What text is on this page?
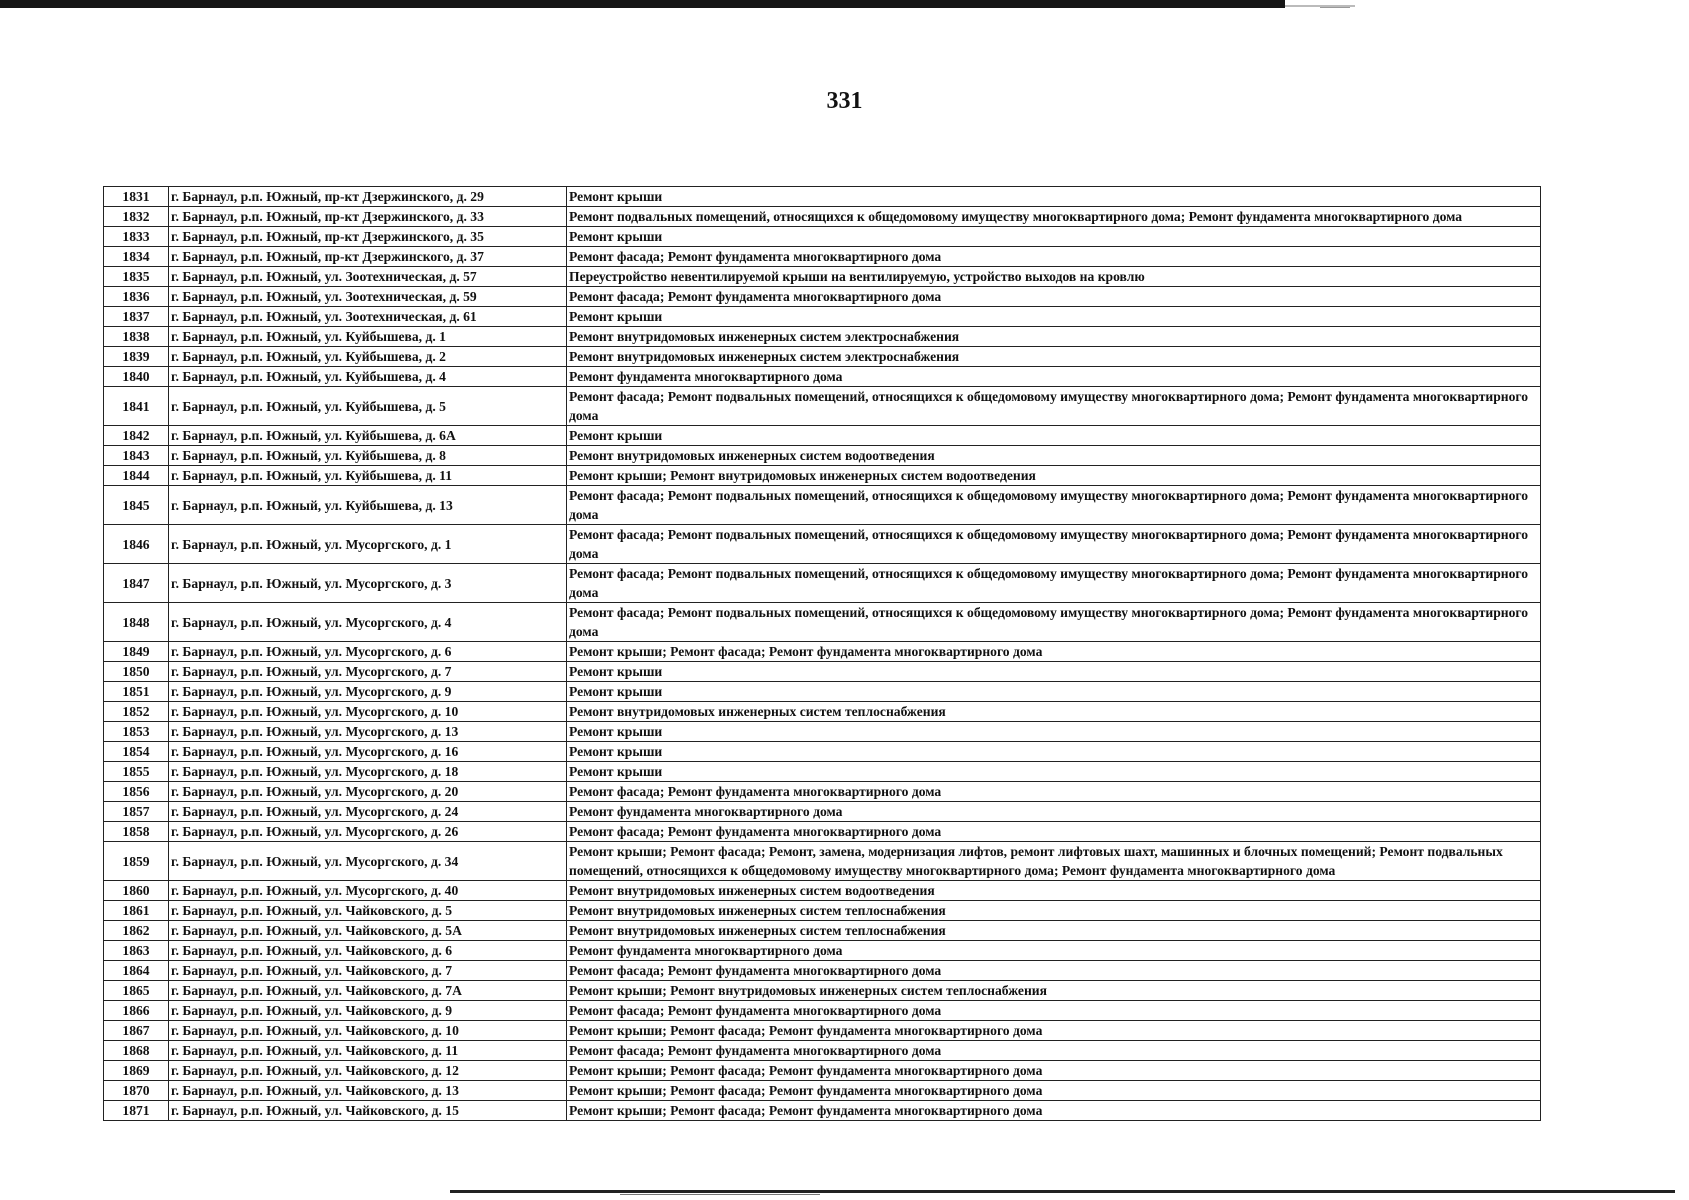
331
1831	г. Барнаул, р.п. Южный, пр-кт Дзержинского, д. 29	Ремонт крыши
1832	г. Барнаул, р.п. Южный, пр-кт Дзержинского, д. 33	Ремонт подвальных помещений, относящихся к общедомовому имуществу многоквартирного дома; Ремонт фундамента многоквартирного дома
1833	г. Барнаул, р.п. Южный, пр-кт Дзержинского, д. 35	Ремонт крыши
1834	г. Барнаул, р.п. Южный, пр-кт Дзержинского, д. 37	Ремонт фасада; Ремонт фундамента многоквартирного дома
1835	г. Барнаул, р.п. Южный, ул. Зоотехническая, д. 57	Переустройство невентилируемой крыши на вентилируемую, устройство выходов на кровлю
1836	г. Барнаул, р.п. Южный, ул. Зоотехническая, д. 59	Ремонт фасада; Ремонт фундамента многоквартирного дома
1837	г. Барнаул, р.п. Южный, ул. Зоотехническая, д. 61	Ремонт крыши
1838	г. Барнаул, р.п. Южный, ул. Куйбышева, д. 1	Ремонт внутридомовых инженерных систем электроснабжения
1839	г. Барнаул, р.п. Южный, ул. Куйбышева, д. 2	Ремонт внутридомовых инженерных систем электроснабжения
1840	г. Барнаул, р.п. Южный, ул. Куйбышева, д. 4	Ремонт фундамента многоквартирного дома
1841	г. Барнаул, р.п. Южный, ул. Куйбышева, д. 5	Ремонт фасада; Ремонт подвальных помещений, относящихся к общедомовому имуществу многоквартирного дома; Ремонт фундамента многоквартирного дома
1842	г. Барнаул, р.п. Южный, ул. Куйбышева, д. 6А	Ремонт крыши
1843	г. Барнаул, р.п. Южный, ул. Куйбышева, д. 8	Ремонт внутридомовых инженерных систем водоотведения
1844	г. Барнаул, р.п. Южный, ул. Куйбышева, д. 11	Ремонт крыши; Ремонт внутридомовых инженерных систем водоотведения
1845	г. Барнаул, р.п. Южный, ул. Куйбышева, д. 13	Ремонт фасада; Ремонт подвальных помещений, относящихся к общедомовому имуществу многоквартирного дома; Ремонт фундамента многоквартирного дома
1846	г. Барнаул, р.п. Южный, ул. Мусоргского, д. 1	Ремонт фасада; Ремонт подвальных помещений, относящихся к общедомовому имуществу многоквартирного дома; Ремонт фундамента многоквартирного дома
1847	г. Барнаул, р.п. Южный, ул. Мусоргского, д. 3	Ремонт фасада; Ремонт подвальных помещений, относящихся к общедомовому имуществу многоквартирного дома; Ремонт фундамента многоквартирного дома
1848	г. Барнаул, р.п. Южный, ул. Мусоргского, д. 4	Ремонт фасада; Ремонт подвальных помещений, относящихся к общедомовому имуществу многоквартирного дома; Ремонт фундамента многоквартирного дома
1849	г. Барнаул, р.п. Южный, ул. Мусоргского, д. 6	Ремонт крыши; Ремонт фасада; Ремонт фундамента многоквартирного дома
1850	г. Барнаул, р.п. Южный, ул. Мусоргского, д. 7	Ремонт крыши
1851	г. Барнаул, р.п. Южный, ул. Мусоргского, д. 9	Ремонт крыши
1852	г. Барнаул, р.п. Южный, ул. Мусоргского, д. 10	Ремонт внутридомовых инженерных систем теплоснабжения
1853	г. Барнаул, р.п. Южный, ул. Мусоргского, д. 13	Ремонт крыши
1854	г. Барнаул, р.п. Южный, ул. Мусоргского, д. 16	Ремонт крыши
1855	г. Барнаул, р.п. Южный, ул. Мусоргского, д. 18	Ремонт крыши
1856	г. Барнаул, р.п. Южный, ул. Мусоргского, д. 20	Ремонт фасада; Ремонт фундамента многоквартирного дома
1857	г. Барнаул, р.п. Южный, ул. Мусоргского, д. 24	Ремонт фундамента многоквартирного дома
1858	г. Барнаул, р.п. Южный, ул. Мусоргского, д. 26	Ремонт фасада; Ремонт фундамента многоквартирного дома
1859	г. Барнаул, р.п. Южный, ул. Мусоргского, д. 34	Ремонт крыши; Ремонт фасада; Ремонт, замена, модернизация лифтов, ремонт лифтовых шахт, машинных и блочных помещений; Ремонт подвальных помещений, относящихся к общедомовому имуществу многоквартирного дома; Ремонт фундамента многоквартирного дома
1860	г. Барнаул, р.п. Южный, ул. Мусоргского, д. 40	Ремонт внутридомовых инженерных систем водоотведения
1861	г. Барнаул, р.п. Южный, ул. Чайковского, д. 5	Ремонт внутридомовых инженерных систем теплоснабжения
1862	г. Барнаул, р.п. Южный, ул. Чайковского, д. 5А	Ремонт внутридомовых инженерных систем теплоснабжения
1863	г. Барнаул, р.п. Южный, ул. Чайковского, д. 6	Ремонт фундамента многоквартирного дома
1864	г. Барнаул, р.п. Южный, ул. Чайковского, д. 7	Ремонт фасада; Ремонт фундамента многоквартирного дома
1865	г. Барнаул, р.п. Южный, ул. Чайковского, д. 7А	Ремонт крыши; Ремонт внутридомовых инженерных систем теплоснабжения
1866	г. Барнаул, р.п. Южный, ул. Чайковского, д. 9	Ремонт фасада; Ремонт фундамента многоквартирного дома
1867	г. Барнаул, р.п. Южный, ул. Чайковского, д. 10	Ремонт крыши; Ремонт фасада; Ремонт фундамента многоквартирного дома
1868	г. Барнаул, р.п. Южный, ул. Чайковского, д. 11	Ремонт фасада; Ремонт фундамента многоквартирного дома
1869	г. Барнаул, р.п. Южный, ул. Чайковского, д. 12	Ремонт крыши; Ремонт фасада; Ремонт фундамента многоквартирного дома
1870	г. Барнаул, р.п. Южный, ул. Чайковского, д. 13	Ремонт крыши; Ремонт фасада; Ремонт фундамента многоквартирного дома
1871	г. Барнаул, р.п. Южный, ул. Чайковского, д. 15	Ремонт крыши; Ремонт фасада; Ремонт фундамента многоквартирного дома
